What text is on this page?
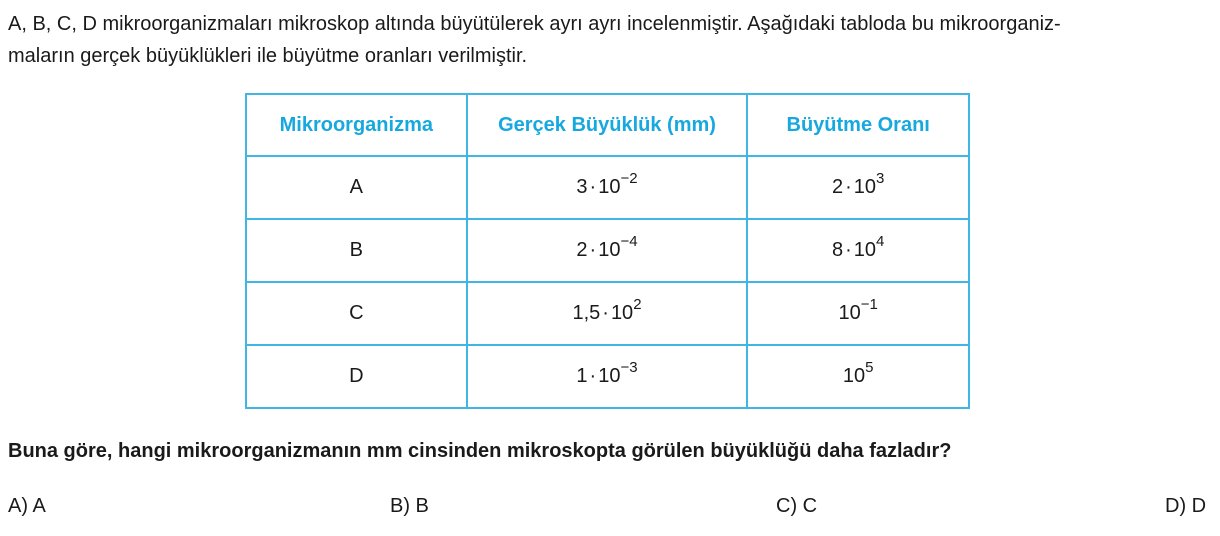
A, B, C, D mikroorganizmaları mikroskop altında büyütülerek ayrı ayrı incelenmiştir. Aşağıdaki tabloda bu mikroorganiz-
maların gerçek büyüklükleri ile büyütme oranları verilmiştir.

Mikroorganizma	Gerçek Büyüklük (mm)	Büyütme Oranı
A	$3 \cdot 10^{-2}$	$2 \cdot 10^3$
B	$2 \cdot 10^{-4}$	$8 \cdot 10^4$
C	$1,5 \cdot 10^2$	$10^{-1}$
D	$1 \cdot 10^{-3}$	$10^5$

Buna göre, hangi mikroorganizmanın mm cinsinden mikroskopta görülen büyüklüğü daha fazladır?

A) A	B) B	C) C	D) D
